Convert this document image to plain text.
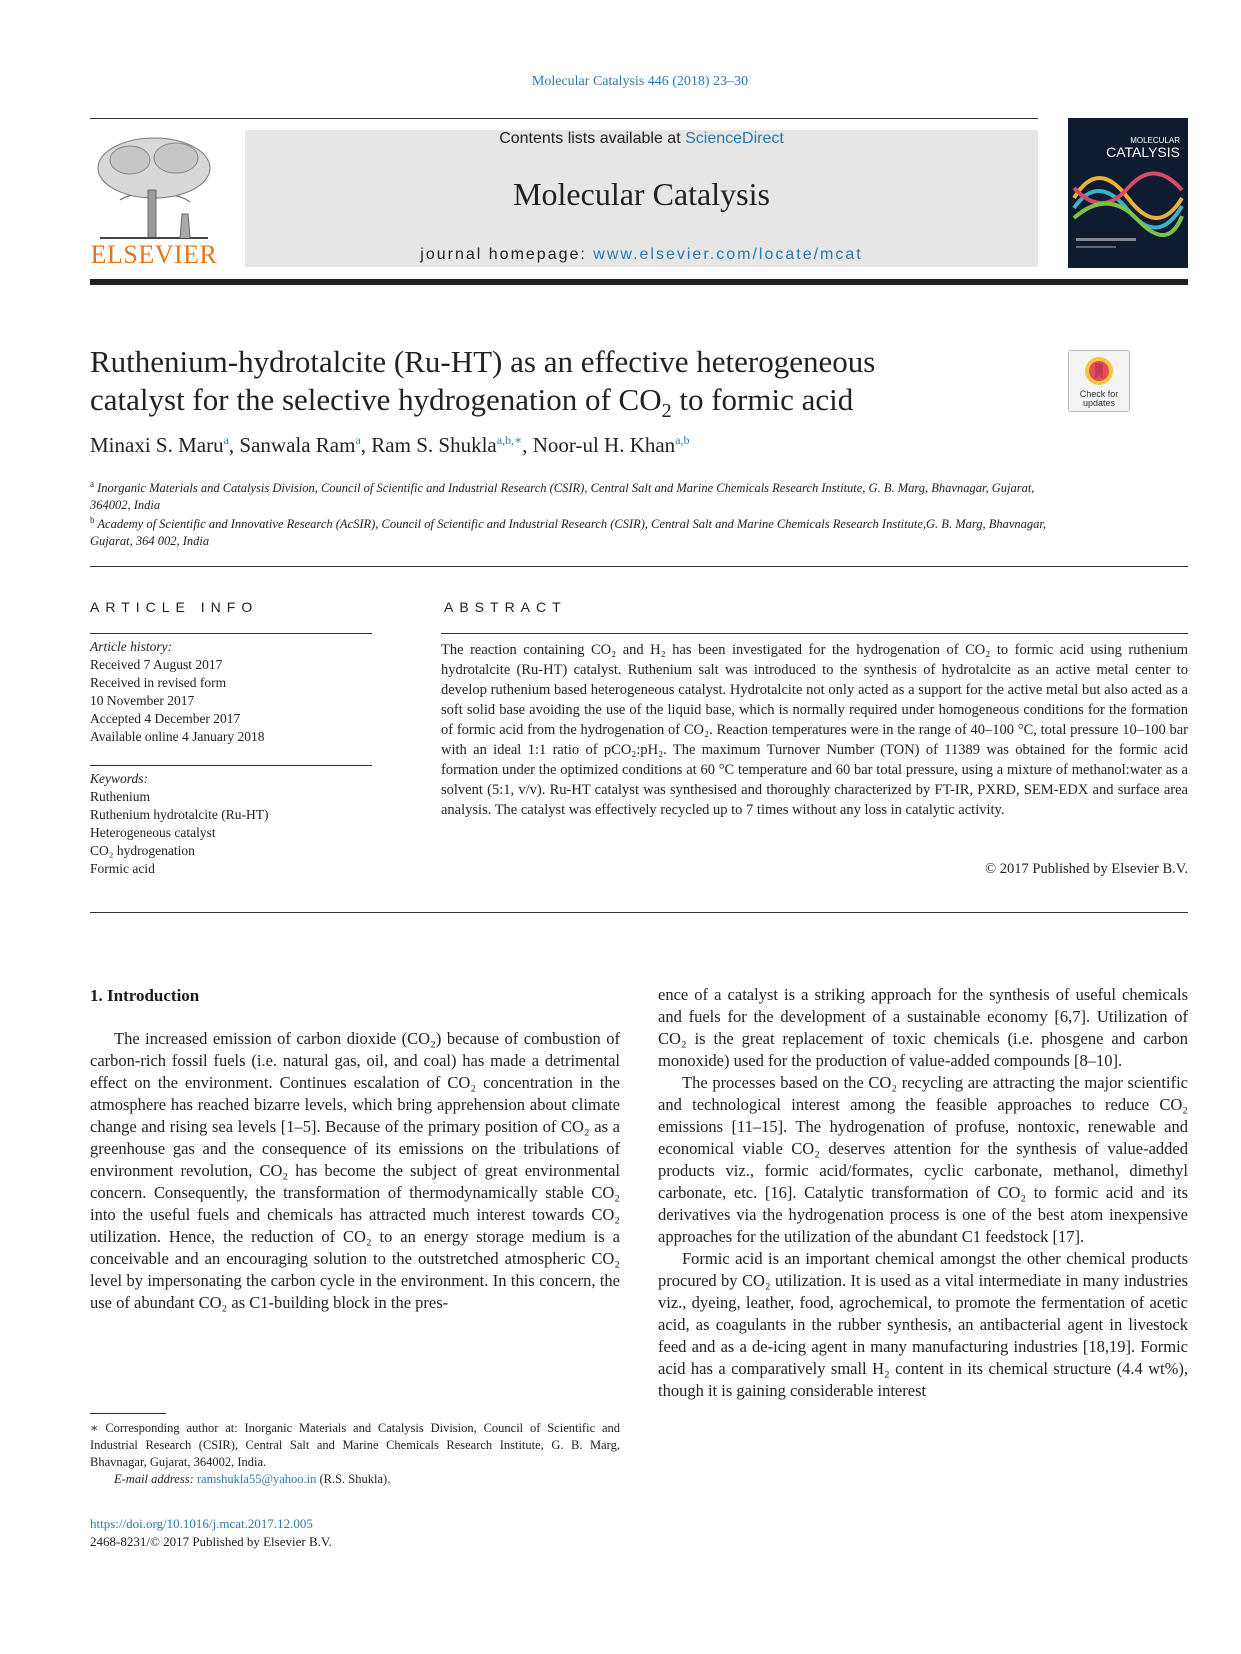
Molecular Catalysis 446 (2018) 23–30
ELSEVIER
Contents lists available at ScienceDirect
Molecular Catalysis
journal homepage: www.elsevier.com/locate/mcat
MOLECULAR
CATALYSIS
Ruthenium-hydrotalcite (Ru-HT) as an effective heterogeneous
catalyst for the selective hydrogenation of $CO_2$ to formic acid	Check for updates
Minaxi S. Maru$^a$, Sanwala Ram$^a$, Ram S. Shukla$^{a,b,∗}$, Noor-ul H. Khan$^{a,b}$
$^a$ Inorganic Materials and Catalysis Division, Council of Scientific and Industrial Research (CSIR), Central Salt and Marine Chemicals Research Institute, G. B. Marg, Bhavnagar, Gujarat, 364002, India
$^b$ Academy of Scientific and Innovative Research (AcSIR), Council of Scientific and Industrial Research (CSIR), Central Salt and Marine Chemicals Research Institute,G. B. Marg, Bhavnagar, Gujarat, 364 002, India
ARTICLE INFO
Article history:
Received 7 August 2017
Received in revised form
10 November 2017
Accepted 4 December 2017
Available online 4 January 2018
Keywords:
Ruthenium
Ruthenium hydrotalcite (Ru-HT)
Heterogeneous catalyst
CO₂ hydrogenation
Formic acid
ABSTRACT
The reaction containing CO₂ and H₂ has been investigated for the hydrogenation of CO₂ to formic acid using ruthenium hydrotalcite (Ru-HT) catalyst. Ruthenium salt was introduced to the synthesis of hydrotalcite as an active metal center to develop ruthenium based heterogeneous catalyst. Hydrotalcite not only acted as a support for the active metal but also acted as a soft solid base avoiding the use of the liquid base, which is normally required under homogeneous conditions for the formation of formic acid from the hydrogenation of CO₂. Reaction temperatures were in the range of 40–100 °C, total pressure 10–100 bar with an ideal 1:1 ratio of pCO₂:pH₂. The maximum Turnover Number (TON) of 11389 was obtained for the formic acid formation under the optimized conditions at 60 °C temperature and 60 bar total pressure, using a mixture of methanol:water as a solvent (5:1, v/v). Ru-HT catalyst was synthesised and thoroughly characterized by FT-IR, PXRD, SEM-EDX and surface area analysis. The catalyst was effectively recycled up to 7 times without any loss in catalytic activity.
© 2017 Published by Elsevier B.V.
1. Introduction

The increased emission of carbon dioxide (CO₂) because of combustion of carbon-rich fossil fuels (i.e. natural gas, oil, and coal) has made a detrimental effect on the environment. Continues escalation of CO₂ concentration in the atmosphere has reached bizarre levels, which bring apprehension about climate change and rising sea levels [1–5]. Because of the primary position of CO₂ as a greenhouse gas and the consequence of its emissions on the tribulations of environment revolution, CO₂ has become the subject of great environmental concern. Consequently, the transformation of thermodynamically stable CO₂ into the useful fuels and chemicals has attracted much interest towards CO₂ utilization. Hence, the reduction of CO₂ to an energy storage medium is a conceivable and an encouraging solution to the outstretched atmospheric CO₂ level by impersonating the carbon cycle in the environment. In this concern, the use of abundant CO₂ as C1-building block in the pres-

ence of a catalyst is a striking approach for the synthesis of useful chemicals and fuels for the development of a sustainable economy [6,7]. Utilization of CO₂ is the great replacement of toxic chemicals (i.e. phosgene and carbon monoxide) used for the production of value-added compounds [8–10].

The processes based on the CO₂ recycling are attracting the major scientific and technological interest among the feasible approaches to reduce CO₂ emissions [11–15]. The hydrogenation of profuse, nontoxic, renewable and economical viable CO₂ deserves attention for the synthesis of value-added products viz., formic acid/formates, cyclic carbonate, methanol, dimethyl carbonate, etc. [16]. Catalytic transformation of CO₂ to formic acid and its derivatives via the hydrogenation process is one of the best atom inexpensive approaches for the utilization of the abundant C1 feedstock [17].

Formic acid is an important chemical amongst the other chemical products procured by CO₂ utilization. It is used as a vital intermediate in many industries viz., dyeing, leather, food, agrochemical, to promote the fermentation of acetic acid, as coagulants in the rubber synthesis, an antibacterial agent in livestock feed and as a de-icing agent in many manufacturing industries [18,19]. Formic acid has a comparatively small H₂ content in its chemical structure (4.4 wt%), though it is gaining considerable interest

∗ Corresponding author at: Inorganic Materials and Catalysis Division, Council of Scientific and Industrial Research (CSIR), Central Salt and Marine Chemicals Research Institute, G. B. Marg, Bhavnagar, Gujarat, 364002, India.
E-mail address: ramshukla55@yahoo.in (R.S. Shukla).
https://doi.org/10.1016/j.mcat.2017.12.005
2468-8231/© 2017 Published by Elsevier B.V.
